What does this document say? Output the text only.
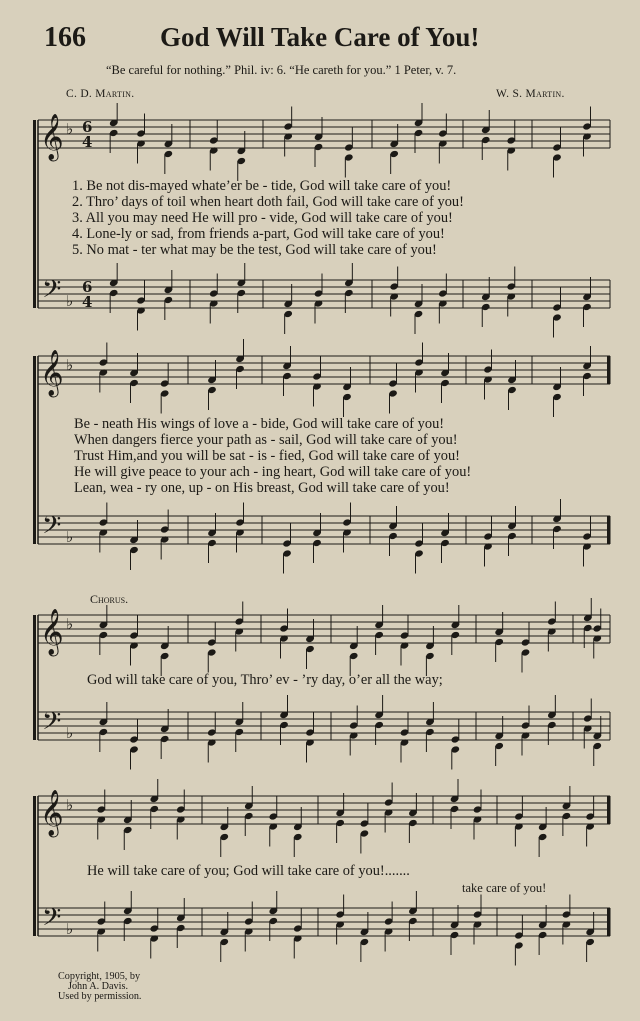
166	God Will Take Care of You!
“Be careful for nothing.” Phil. iv: 6. “He careth for you.” 1 Peter, v. 7.
C. D. Martin.	W. S. Martin.
𝄞
𝄢
♭
♭
𝄞
𝄢
♭
♭
𝄞
𝄢
♭
♭
𝄞
𝄢
♭
♭
6
4
6
4
1. Be not dis-mayed whate’er be - tide, God will take care of you!
2. Thro’ days of toil when heart doth fail, God will take care of you!
3. All you may need He will pro - vide, God will take care of you!
4. Lone-ly or sad, from friends a-part, God will take care of you!
5. No mat - ter what may be the test, God will take care of you!
Be - neath His wings of love a - bide, God will take care of you!
When dangers fierce your path as - sail, God will take care of you!
Trust Him,and you will be sat - is - fied, God will take care of you!
He will give peace to your ach - ing heart, God will take care of you!
Lean, wea - ry one, up - on His breast, God will take care of you!
Chorus.
God will take care of you, Thro’ ev - ’ry day, o’er all the way;
He will take care of you; God will take care of you!.......
take care of you!
Copyright, 1905, by
John A. Davis.
Used by permission.
